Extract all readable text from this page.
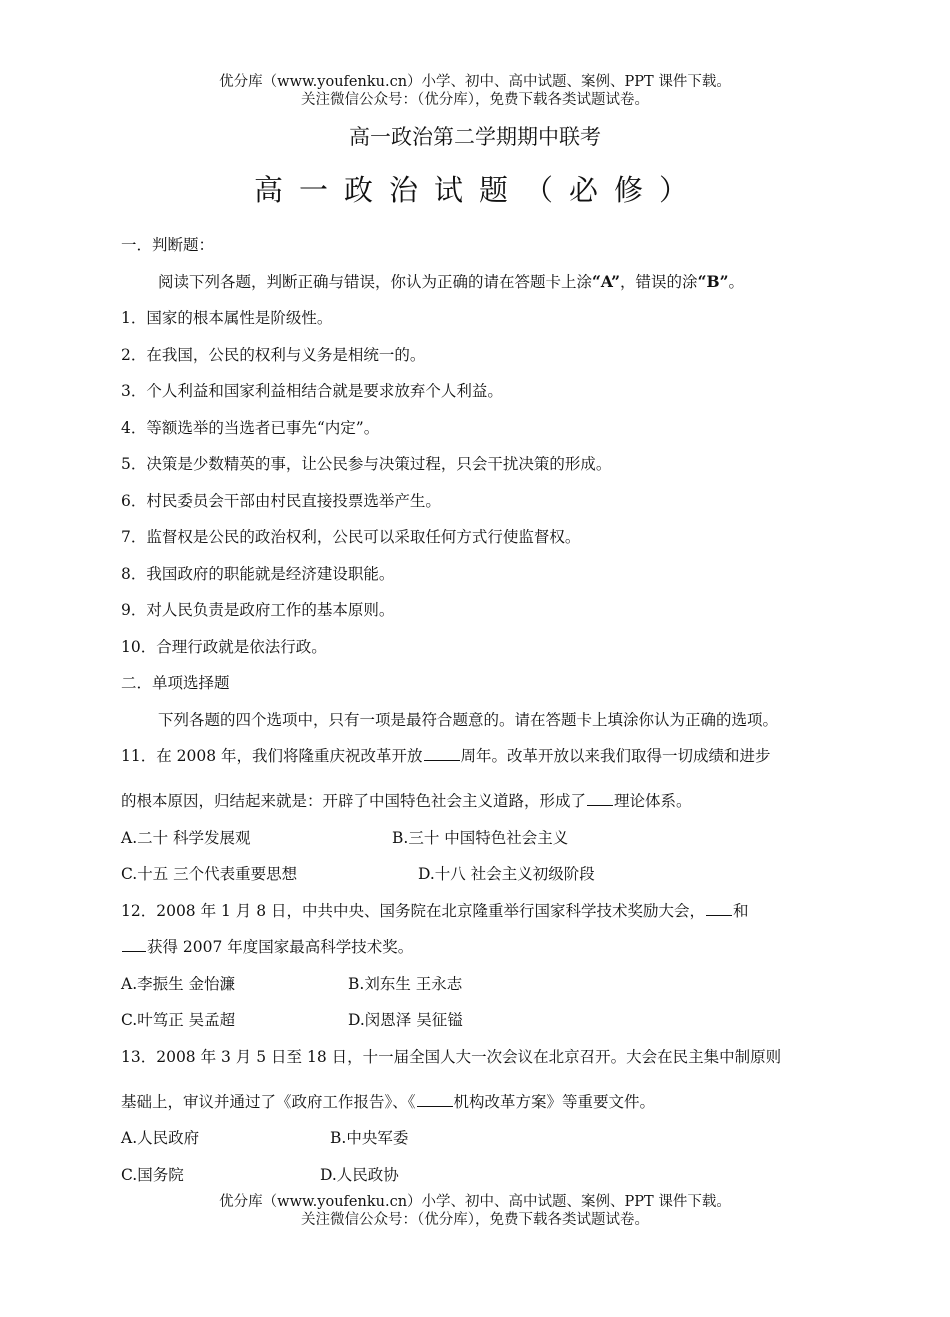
优分库（www.youfenku.cn）小学、初中、高中试题、案例、PPT 课件下载。
关注微信公众号：（优分库），免费下载各类试题试卷。
高一政治第二学期期中联考
高一政治试题（必修）
一．判断题：
阅读下列各题，判断正确与错误，你认为正确的请在答题卡上涂“A”，错误的涂“B”。
1．国家的根本属性是阶级性。
2．在我国，公民的权利与义务是相统一的。
3．个人利益和国家利益相结合就是要求放弃个人利益。
4．等额选举的当选者已事先“内定”。
5．决策是少数精英的事，让公民参与决策过程，只会干扰决策的形成。
6．村民委员会干部由村民直接投票选举产生。
7．监督权是公民的政治权利，公民可以采取任何方式行使监督权。
8．我国政府的职能就是经济建设职能。
9．对人民负责是政府工作的基本原则。
10．合理行政就是依法行政。
二．单项选择题
下列各题的四个选项中，只有一项是最符合题意的。请在答题卡上填涂你认为正确的选项。
11．在 2008 年，我们将隆重庆祝改革开放 周年。改革开放以来我们取得一切成绩和进步
的根本原因，归结起来就是：开辟了中国特色社会主义道路，形成了 理论体系。
A.二十 科学发展观	B.三十 中国特色社会主义
C.十五 三个代表重要思想	D.十八 社会主义初级阶段
12．2008 年 1 月 8 日，中共中央、国务院在北京隆重举行国家科学技术奖励大会， 和
获得 2007 年度国家最高科学技术奖。
A.李振生 金怡濂	B.刘东生 王永志
C.叶笃正 吴孟超	D.闵恩泽 吴征镒
13．2008 年 3 月 5 日至 18 日，十一届全国人大一次会议在北京召开。大会在民主集中制原则
基础上，审议并通过了《政府工作报告》、《 机构改革方案》等重要文件。
A.人民政府	B.中央军委
C.国务院	D.人民政协
优分库（www.youfenku.cn）小学、初中、高中试题、案例、PPT 课件下载。
关注微信公众号：（优分库），免费下载各类试题试卷。
